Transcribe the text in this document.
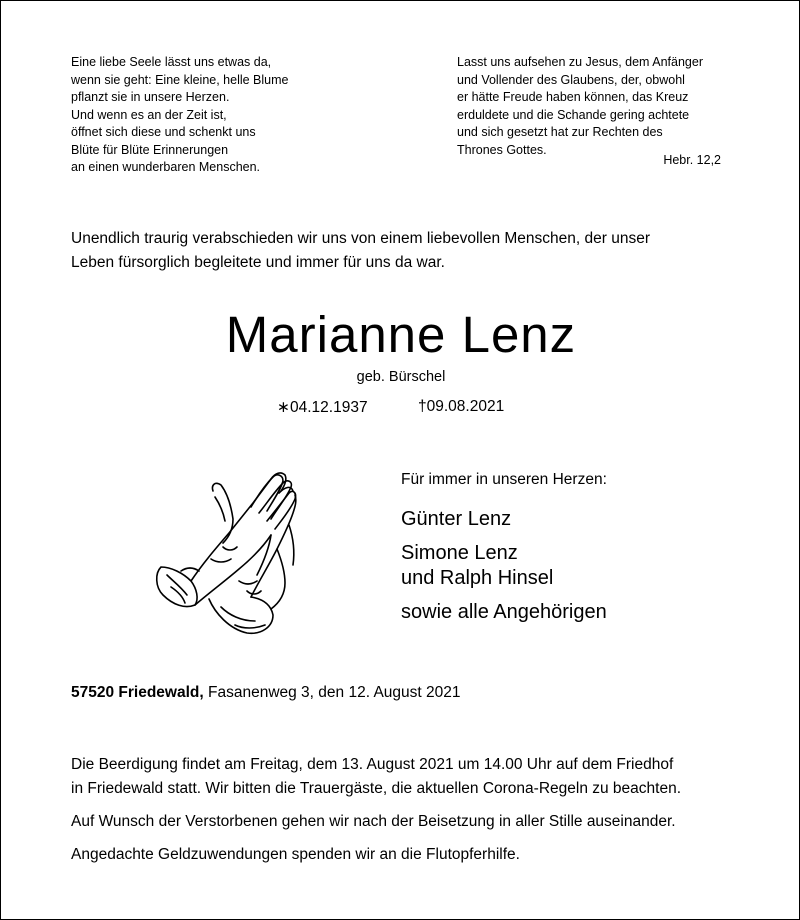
Eine liebe Seele lässt uns etwas da,
wenn sie geht: Eine kleine, helle Blume
pflanzt sie in unsere Herzen.
Und wenn es an der Zeit ist,
öffnet sich diese und schenkt uns
Blüte für Blüte Erinnerungen
an einen wunderbaren Menschen.
Lasst uns aufsehen zu Jesus, dem Anfänger
und Vollender des Glaubens, der, obwohl
er hätte Freude haben können, das Kreuz
erduldete und die Schande gering achtete
und sich gesetzt hat zur Rechten des
Thrones Gottes.
Hebr. 12,2
Unendlich traurig verabschieden wir uns von einem liebevollen Menschen, der unser
Leben fürsorglich begleitete und immer für uns da war.
Marianne Lenz
geb. Bürschel
∗04.12.1937	†09.08.2021
Für immer in unseren Herzen:
Günter Lenz
Simone Lenz
und Ralph Hinsel
sowie alle Angehörigen
57520 Friedewald, Fasanenweg 3, den 12. August 2021
Die Beerdigung findet am Freitag, dem 13. August 2021 um 14.00 Uhr auf dem Friedhof
in Friedewald statt. Wir bitten die Trauergäste, die aktuellen Corona-Regeln zu beachten.
Auf Wunsch der Verstorbenen gehen wir nach der Beisetzung in aller Stille auseinander.
Angedachte Geldzuwendungen spenden wir an die Flutopferhilfe.
